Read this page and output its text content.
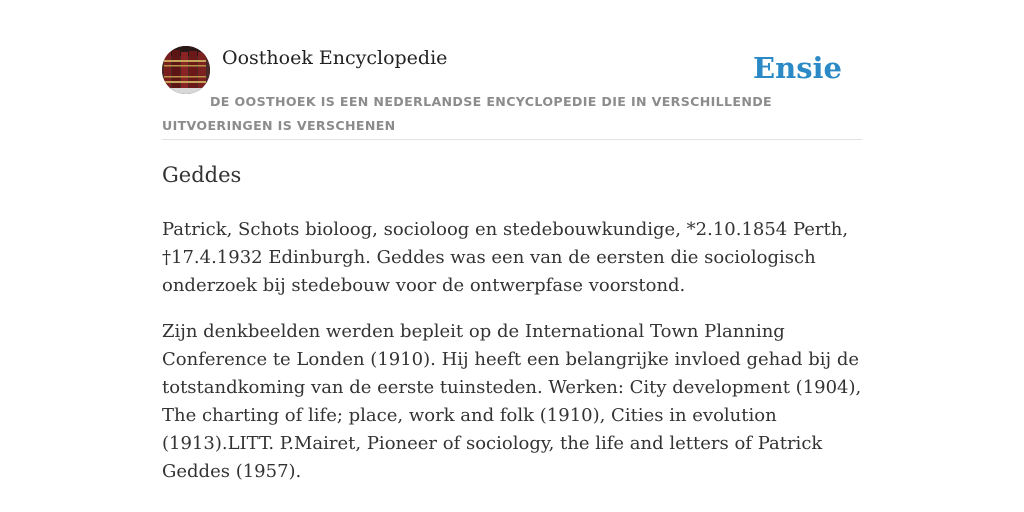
Oosthoek Encyclopedie	Ensie
DE OOSTHOEK IS EEN NEDERLANDSE ENCYCLOPEDIE DIE IN VERSCHILLENDE UITVOERINGEN IS VERSCHENEN
Geddes

Patrick, Schots bioloog, socioloog en stedebouwkundige, *2.10.1854 Perth, †17.4.1932 Edinburgh. Geddes was een van de eersten die sociologisch onderzoek bij stedebouw voor de ontwerpfase voorstond.

Zijn denkbeelden werden bepleit op de International Town Planning Conference te Londen (1910). Hij heeft een belangrijke invloed gehad bij de totstandkoming van de eerste tuinsteden. Werken: City development (1904), The charting of life; place, work and folk (1910), Cities in evolution (1913).LITT. P.Mairet, Pioneer of sociology, the life and letters of Patrick Geddes (1957).
